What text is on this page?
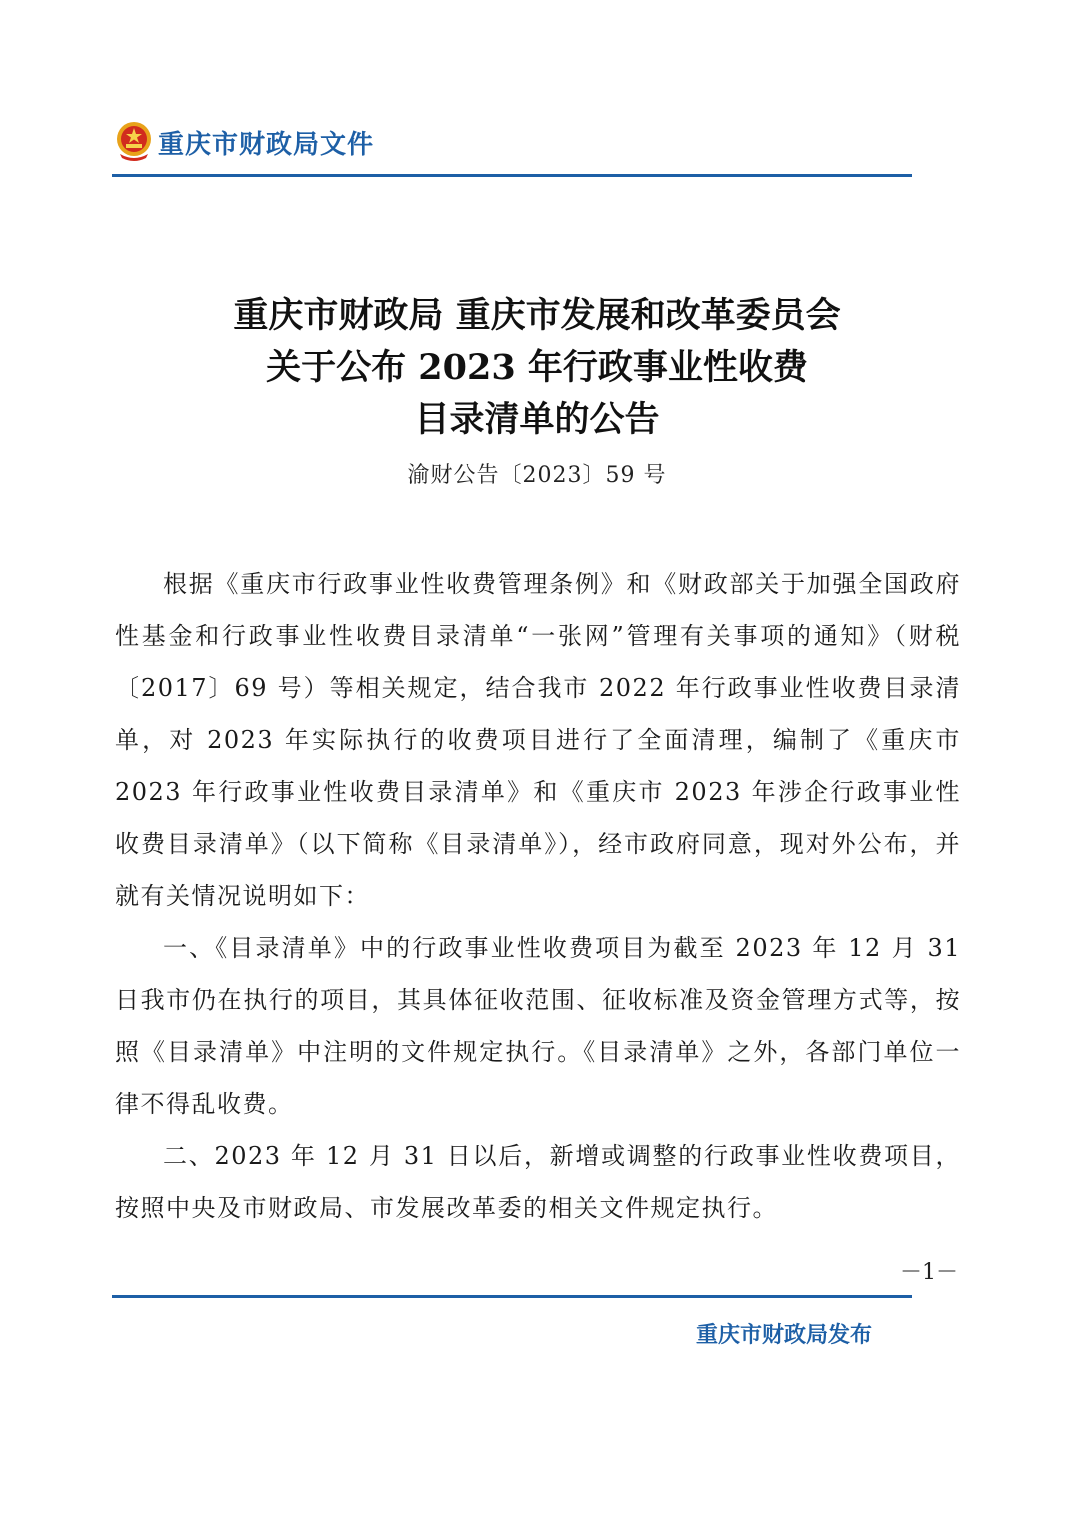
重庆市财政局文件
重庆市财政局 重庆市发展和改革委员会
关于公布 2023 年行政事业性收费
目录清单的公告
渝财公告〔2023〕59 号

根据《重庆市行政事业性收费管理条例》和《财政部关于加强全国政府性基金和行政事业性收费目录清单“一张网”管理有关事项的通知》（财税〔2017〕69 号）等相关规定，结合我市 2022 年行政事业性收费目录清单，对 2023 年实际执行的收费项目进行了全面清理，编制了《重庆市 2023 年行政事业性收费目录清单》和《重庆市 2023 年涉企行政事业性收费目录清单》（以下简称《目录清单》），经市政府同意，现对外公布，并就有关情况说明如下：

一、《目录清单》中的行政事业性收费项目为截至 2023 年 12 月 31 日我市仍在执行的项目，其具体征收范围、征收标准及资金管理方式等，按照《目录清单》中注明的文件规定执行。《目录清单》之外，各部门单位一律不得乱收费。

二、2023 年 12 月 31 日以后，新增或调整的行政事业性收费项目，按照中央及市财政局、市发展改革委的相关文件规定执行。

－1－
重庆市财政局发布
